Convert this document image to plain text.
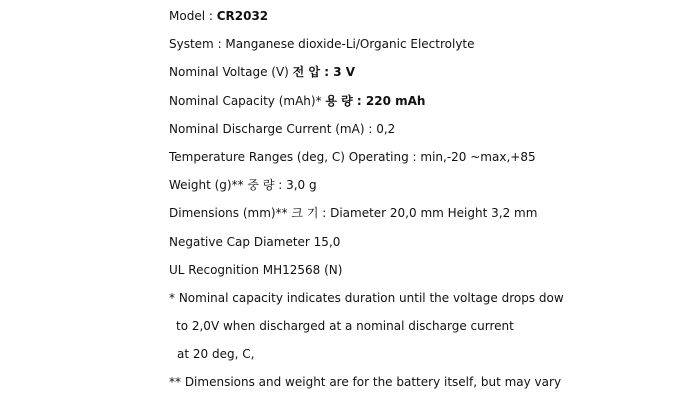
Model : CR2032
System : Manganese dioxide-Li/Organic Electrolyte
Nominal Voltage (V) 전 압 : 3 V
Nominal Capacity (mAh)* 용 량 : 220 mAh
Nominal Discharge Current (mA) : 0,2
Temperature Ranges (deg, C) Operating : min,-20 ~max,+85
Weight (g)** 중 량 : 3,0 g
Dimensions (mm)** 크 기 : Diameter 20,0 mm Height 3,2 mm
Negative Cap Diameter 15,0
UL Recognition MH12568 (N)
* Nominal capacity indicates duration until the voltage drops dow
to 2,0V when discharged at a nominal discharge current
at 20 deg, C,
** Dimensions and weight are for the battery itself, but may vary
